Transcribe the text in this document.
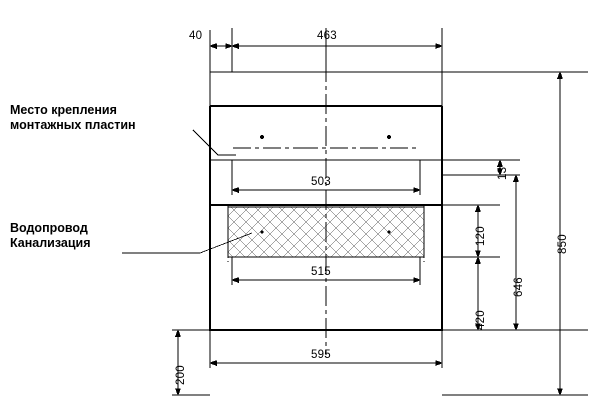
Место крепления
монтажных пластин
Водопровод
Канализация
40	463
503
515
595
13
120
420
646
850
200
